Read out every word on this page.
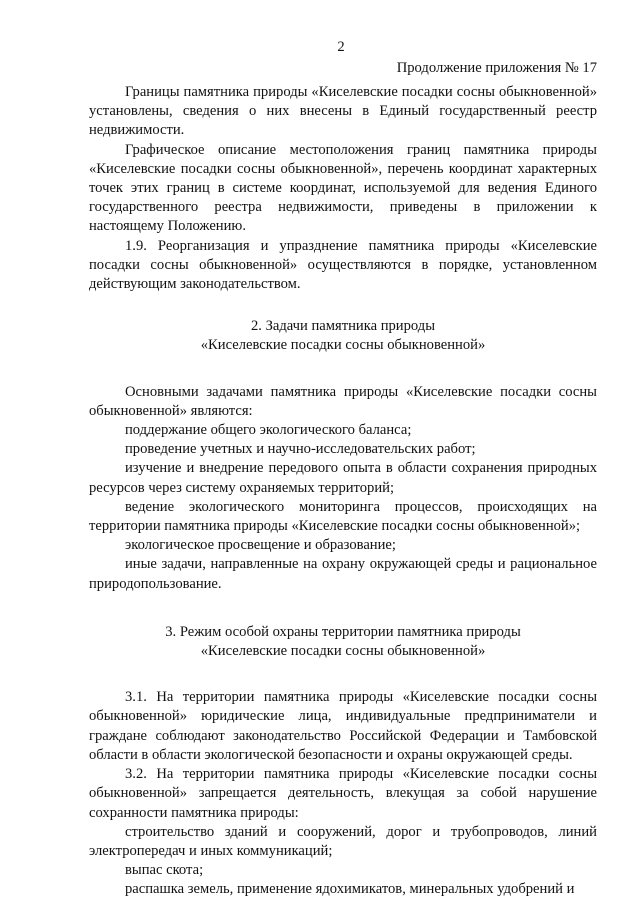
2
Продолжение приложения № 17

Границы памятника природы «Киселевские посадки сосны обыкновенной» установлены, сведения о них внесены в Единый государственный реестр недвижимости.

Графическое описание местоположения границ памятника природы «Киселевские посадки сосны обыкновенной», перечень координат характерных точек этих границ в системе координат, используемой для ведения Единого государственного реестра недвижимости, приведены в приложении к настоящему Положению.

1.9. Реорганизация и упразднение памятника природы «Киселевские посадки сосны обыкновенной» осуществляются в порядке, установленном действующим законодательством.

2. Задачи памятника природы
«Киселевские посадки сосны обыкновенной»

Основными задачами памятника природы «Киселевские посадки сосны обыкновенной» являются:

поддержание общего экологического баланса;

проведение учетных и научно-исследовательских работ;

изучение и внедрение передового опыта в области сохранения природных ресурсов через систему охраняемых территорий;

ведение экологического мониторинга процессов, происходящих на территории памятника природы «Киселевские посадки сосны обыкновенной»;

экологическое просвещение и образование;

иные задачи, направленные на охрану окружающей среды и рациональное природопользование.

3. Режим особой охраны территории памятника природы
«Киселевские посадки сосны обыкновенной»

3.1. На территории памятника природы «Киселевские посадки сосны обыкновенной» юридические лица, индивидуальные предприниматели и граждане соблюдают законодательство Российской Федерации и Тамбовской области в области экологической безопасности и охраны окружающей среды.

3.2. На территории памятника природы «Киселевские посадки сосны обыкновенной» запрещается деятельность, влекущая за собой нарушение сохранности памятника природы:

строительство зданий и сооружений, дорог и трубопроводов, линий электропередач и иных коммуникаций;

выпас скота;

распашка земель, применение ядохимикатов, минеральных удобрений и
